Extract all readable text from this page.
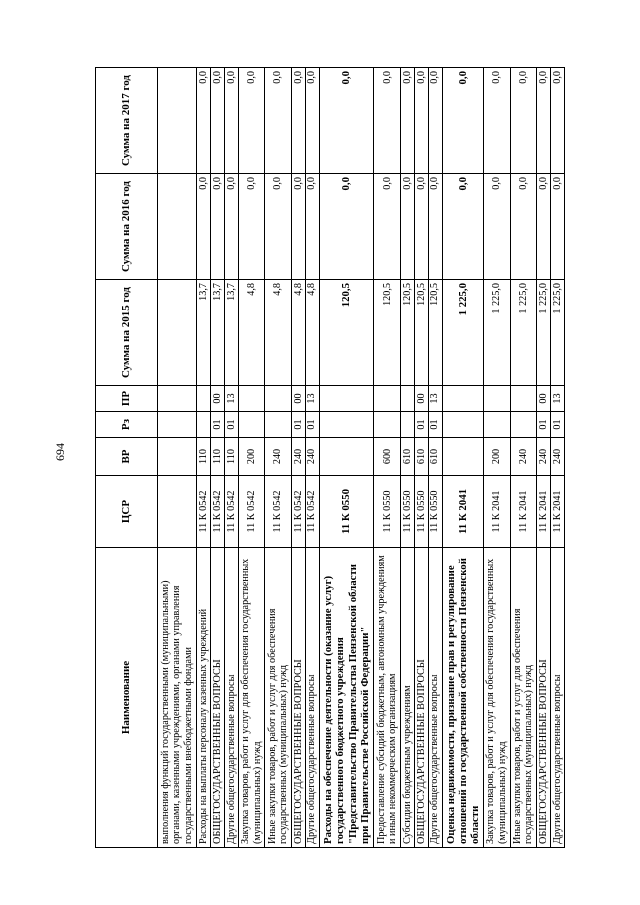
694
Наименование	ЦСР	ВР	Рз	ПР	Сумма на 2015 год	Сумма на 2016 год	Сумма на 2017 год
выполнения функций государственными (муниципальными) органами, казенными учреждениями, органами управления государственными внебюджетными фондами							
Расходы на выплаты персоналу казенных учреждений	11 К 0542	110			13,7	0,0	0,0
ОБЩЕГОСУДАРСТВЕННЫЕ ВОПРОСЫ	11 К 0542	110	01	00	13,7	0,0	0,0
Другие общегосударственные вопросы	11 К 0542	110	01	13	13,7	0,0	0,0
Закупка товаров, работ и услуг для обеспечения государственных (муниципальных) нужд	11 К 0542	200			4,8	0,0	0,0
Иные закупки товаров, работ и услуг для обеспечения государственных (муниципальных) нужд	11 К 0542	240			4,8	0,0	0,0
ОБЩЕГОСУДАРСТВЕННЫЕ ВОПРОСЫ	11 К 0542	240	01	00	4,8	0,0	0,0
Другие общегосударственные вопросы	11 К 0542	240	01	13	4,8	0,0	0,0
Расходы на обеспечение деятельности (оказание услуг) государственного бюджетного учреждения "Представительство Правительства Пензенской области при Правительстве Российской Федерации"	11 К 0550				120,5	0,0	0,0
Предоставление субсидий бюджетным, автономным учреждениям и иным некоммерческим организациям	11 К 0550	600			120,5	0,0	0,0
Субсидии бюджетным учреждениям	11 К 0550	610			120,5	0,0	0,0
ОБЩЕГОСУДАРСТВЕННЫЕ ВОПРОСЫ	11 К 0550	610	01	00	120,5	0,0	0,0
Другие общегосударственные вопросы	11 К 0550	610	01	13	120,5	0,0	0,0
Оценка недвижимости, признание прав и регулирование отношений по государственной собственности Пензенской области	11 К 2041				1 225,0	0,0	0,0
Закупка товаров, работ и услуг для обеспечения государственных (муниципальных) нужд	11 К 2041	200			1 225,0	0,0	0,0
Иные закупки товаров, работ и услуг для обеспечения государственных (муниципальных) нужд	11 К 2041	240			1 225,0	0,0	0,0
ОБЩЕГОСУДАРСТВЕННЫЕ ВОПРОСЫ	11 К 2041	240	01	00	1 225,0	0,0	0,0
Другие общегосударственные вопросы	11 К 2041	240	01	13	1 225,0	0,0	0,0
